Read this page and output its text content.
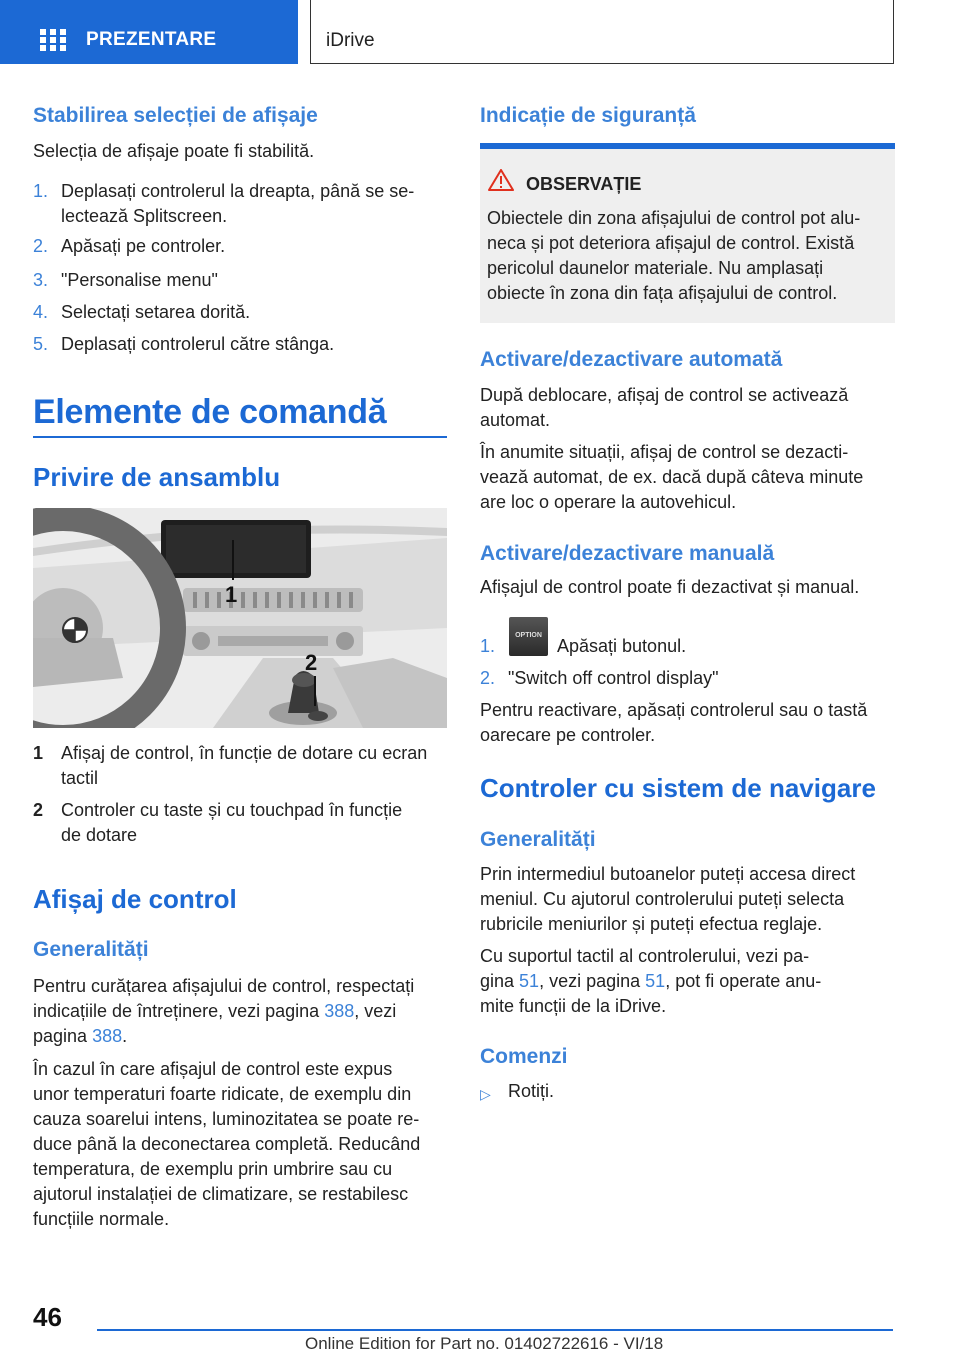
PREZENTARE	iDrive
Stabilirea selecției de afișaje
Selecția de afișaje poate fi stabilită.
1. Deplasați controlerul la dreapta, până se se-
lectează Splitscreen.
2. Apăsați pe controler.
3. "Personalise menu"
4. Selectați setarea dorită.
5. Deplasați controlerul către stânga.
Elemente de comandă
Privire de ansamblu
1
2
1 Afișaj de control, în funcție de dotare cu ecran
tactil
2 Controler cu taste și cu touchpad în funcție
de dotare
Afișaj de control
Generalități
Pentru curățarea afișajului de control, respectați
indicațiile de întreținere, vezi pagina 388, vezi
pagina 388.
În cazul în care afișajul de control este expus
unor temperaturi foarte ridicate, de exemplu din
cauza soarelui intens, luminozitatea se poate re-
duce până la deconectarea completă. Reducând
temperatura, de exemplu prin umbrire sau cu
ajutorul instalației de climatizare, se restabilesc
funcțiile normale.
Indicație de siguranță
OBSERVAȚIE
Obiectele din zona afișajului de control pot alu-
neca și pot deteriora afișajul de control. Există
pericolul daunelor materiale. Nu amplasați
obiecte în zona din fața afișajului de control.
Activare/dezactivare automată
După deblocare, afișaj de control se activează
automat.
În anumite situații, afișaj de control se dezacti-
vează automat, de ex. dacă după câteva minute
are loc o operare la autovehicul.
Activare/dezactivare manuală
Afișajul de control poate fi dezactivat și manual.
1.
OPTION
Apăsați butonul.
2. "Switch off control display"
Pentru reactivare, apăsați controlerul sau o tastă
oarecare pe controler.
Controler cu sistem de navigare
Generalități
Prin intermediul butoanelor puteți accesa direct
meniul. Cu ajutorul controlerului puteți selecta
rubricile meniurilor și puteți efectua reglaje.
Cu suportul tactil al controlerului, vezi pa-
gina 51, vezi pagina 51, pot fi operate anu-
mite funcții de la iDrive.
Comenzi
▷ Rotiți.
46
Online Edition for Part no. 01402722616 - VI/18
